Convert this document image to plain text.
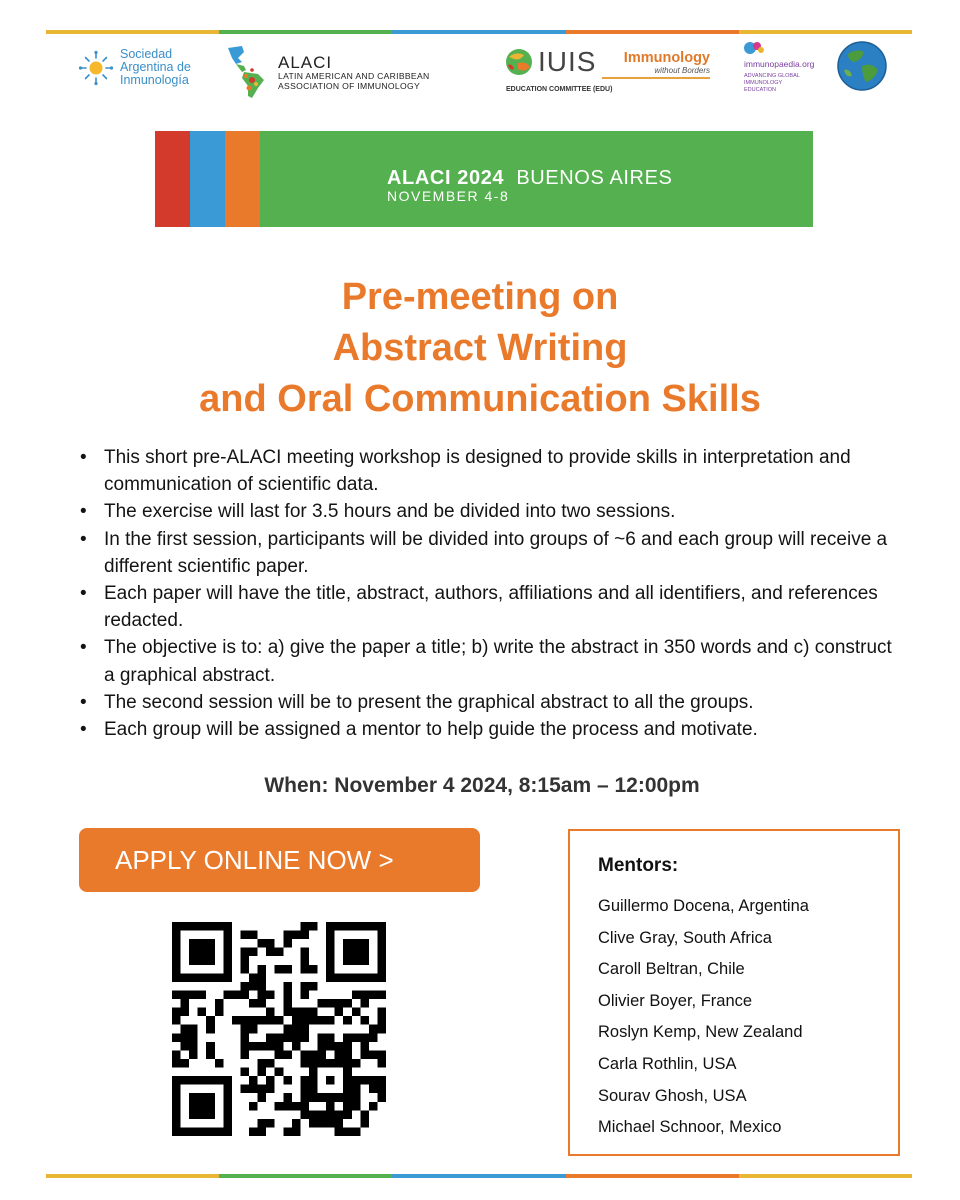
Sociedad
Argentina de
Inmunología
ALACI
LATIN AMERICAN AND CARIBBEAN
ASSOCIATION OF IMMUNOLOGY
IUIS
EDUCATION COMMITTEE (EDU)
Immunology
without Borders
immunopaedia.org
ADVANCING GLOBAL IMMUNOLOGY EDUCATION
ALACI 2024 BUENOS AIRES
NOVEMBER 4-8
Pre-meeting on
Abstract Writing
and Oral Communication Skills
• This short pre-ALACI meeting workshop is designed to provide skills in interpretation and communication of scientific data.
• The exercise will last for 3.5 hours and be divided into two sessions.
• In the first session, participants will be divided into groups of ~6 and each group will receive a different scientific paper.
• Each paper will have the title, abstract, authors, affiliations and all identifiers, and references redacted.
• The objective is to: a) give the paper a title; b) write the abstract in 350 words and c) construct a graphical abstract.
• The second session will be to present the graphical abstract to all the groups.
• Each group will be assigned a mentor to help guide the process and motivate.
When: November 4 2024, 8:15am – 12:00pm
APPLY ONLINE NOW >	Mentors:
Guillermo Docena, Argentina
Clive Gray, South Africa
Caroll Beltran, Chile
Olivier Boyer, France
Roslyn Kemp, New Zealand
Carla Rothlin, USA
Sourav Ghosh, USA
Michael Schnoor, Mexico
